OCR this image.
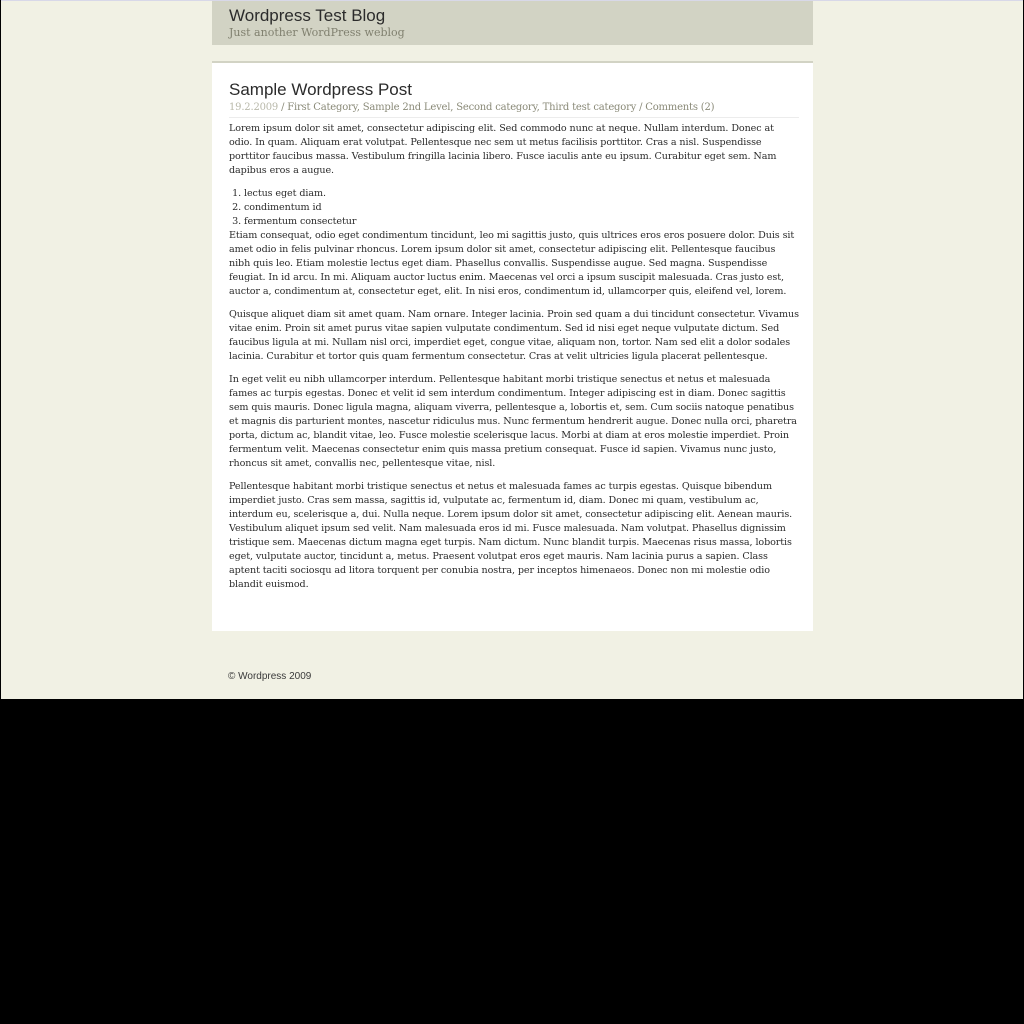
Wordpress Test Blog
Just another WordPress weblog
Sample Wordpress Post
19.2.2009 / First Category, Sample 2nd Level, Second category, Third test category / Comments (2)

Lorem ipsum dolor sit amet, consectetur adipiscing elit. Sed commodo nunc at neque. Nullam interdum. Donec at odio. In quam. Aliquam erat volutpat. Pellentesque nec sem ut metus facilisis porttitor. Cras a nisl. Suspendisse porttitor faucibus massa. Vestibulum fringilla lacinia libero. Fusce iaculis ante eu ipsum. Curabitur eget sem. Nam dapibus eros a augue.

1. lectus eget diam.
2. condimentum id
3. fermentum consectetur

Etiam consequat, odio eget condimentum tincidunt, leo mi sagittis justo, quis ultrices eros eros posuere dolor. Duis sit amet odio in felis pulvinar rhoncus. Lorem ipsum dolor sit amet, consectetur adipiscing elit. Pellentesque faucibus nibh quis leo. Etiam molestie lectus eget diam. Phasellus convallis. Suspendisse augue. Sed magna. Suspendisse feugiat. In id arcu. In mi. Aliquam auctor luctus enim. Maecenas vel orci a ipsum suscipit malesuada. Cras justo est, auctor a, condimentum at, consectetur eget, elit. In nisi eros, condimentum id, ullamcorper quis, eleifend vel, lorem.

Quisque aliquet diam sit amet quam. Nam ornare. Integer lacinia. Proin sed quam a dui tincidunt consectetur. Vivamus vitae enim. Proin sit amet purus vitae sapien vulputate condimentum. Sed id nisi eget neque vulputate dictum. Sed faucibus ligula at mi. Nullam nisl orci, imperdiet eget, congue vitae, aliquam non, tortor. Nam sed elit a dolor sodales lacinia. Curabitur et tortor quis quam fermentum consectetur. Cras at velit ultricies ligula placerat pellentesque.

In eget velit eu nibh ullamcorper interdum. Pellentesque habitant morbi tristique senectus et netus et malesuada fames ac turpis egestas. Donec et velit id sem interdum condimentum. Integer adipiscing est in diam. Donec sagittis sem quis mauris. Donec ligula magna, aliquam viverra, pellentesque a, lobortis et, sem. Cum sociis natoque penatibus et magnis dis parturient montes, nascetur ridiculus mus. Nunc fermentum hendrerit augue. Donec nulla orci, pharetra porta, dictum ac, blandit vitae, leo. Fusce molestie scelerisque lacus. Morbi at diam at eros molestie imperdiet. Proin fermentum velit. Maecenas consectetur enim quis massa pretium consequat. Fusce id sapien. Vivamus nunc justo, rhoncus sit amet, convallis nec, pellentesque vitae, nisl.

Pellentesque habitant morbi tristique senectus et netus et malesuada fames ac turpis egestas. Quisque bibendum imperdiet justo. Cras sem massa, sagittis id, vulputate ac, fermentum id, diam. Donec mi quam, vestibulum ac, interdum eu, scelerisque a, dui. Nulla neque. Lorem ipsum dolor sit amet, consectetur adipiscing elit. Aenean mauris. Vestibulum aliquet ipsum sed velit. Nam malesuada eros id mi. Fusce malesuada. Nam volutpat. Phasellus dignissim tristique sem. Maecenas dictum magna eget turpis. Nam dictum. Nunc blandit turpis. Maecenas risus massa, lobortis eget, vulputate auctor, tincidunt a, metus. Praesent volutpat eros eget mauris. Nam lacinia purus a sapien. Class aptent taciti sociosqu ad litora torquent per conubia nostra, per inceptos himenaeos. Donec non mi molestie odio blandit euismod.

© Wordpress 2009
